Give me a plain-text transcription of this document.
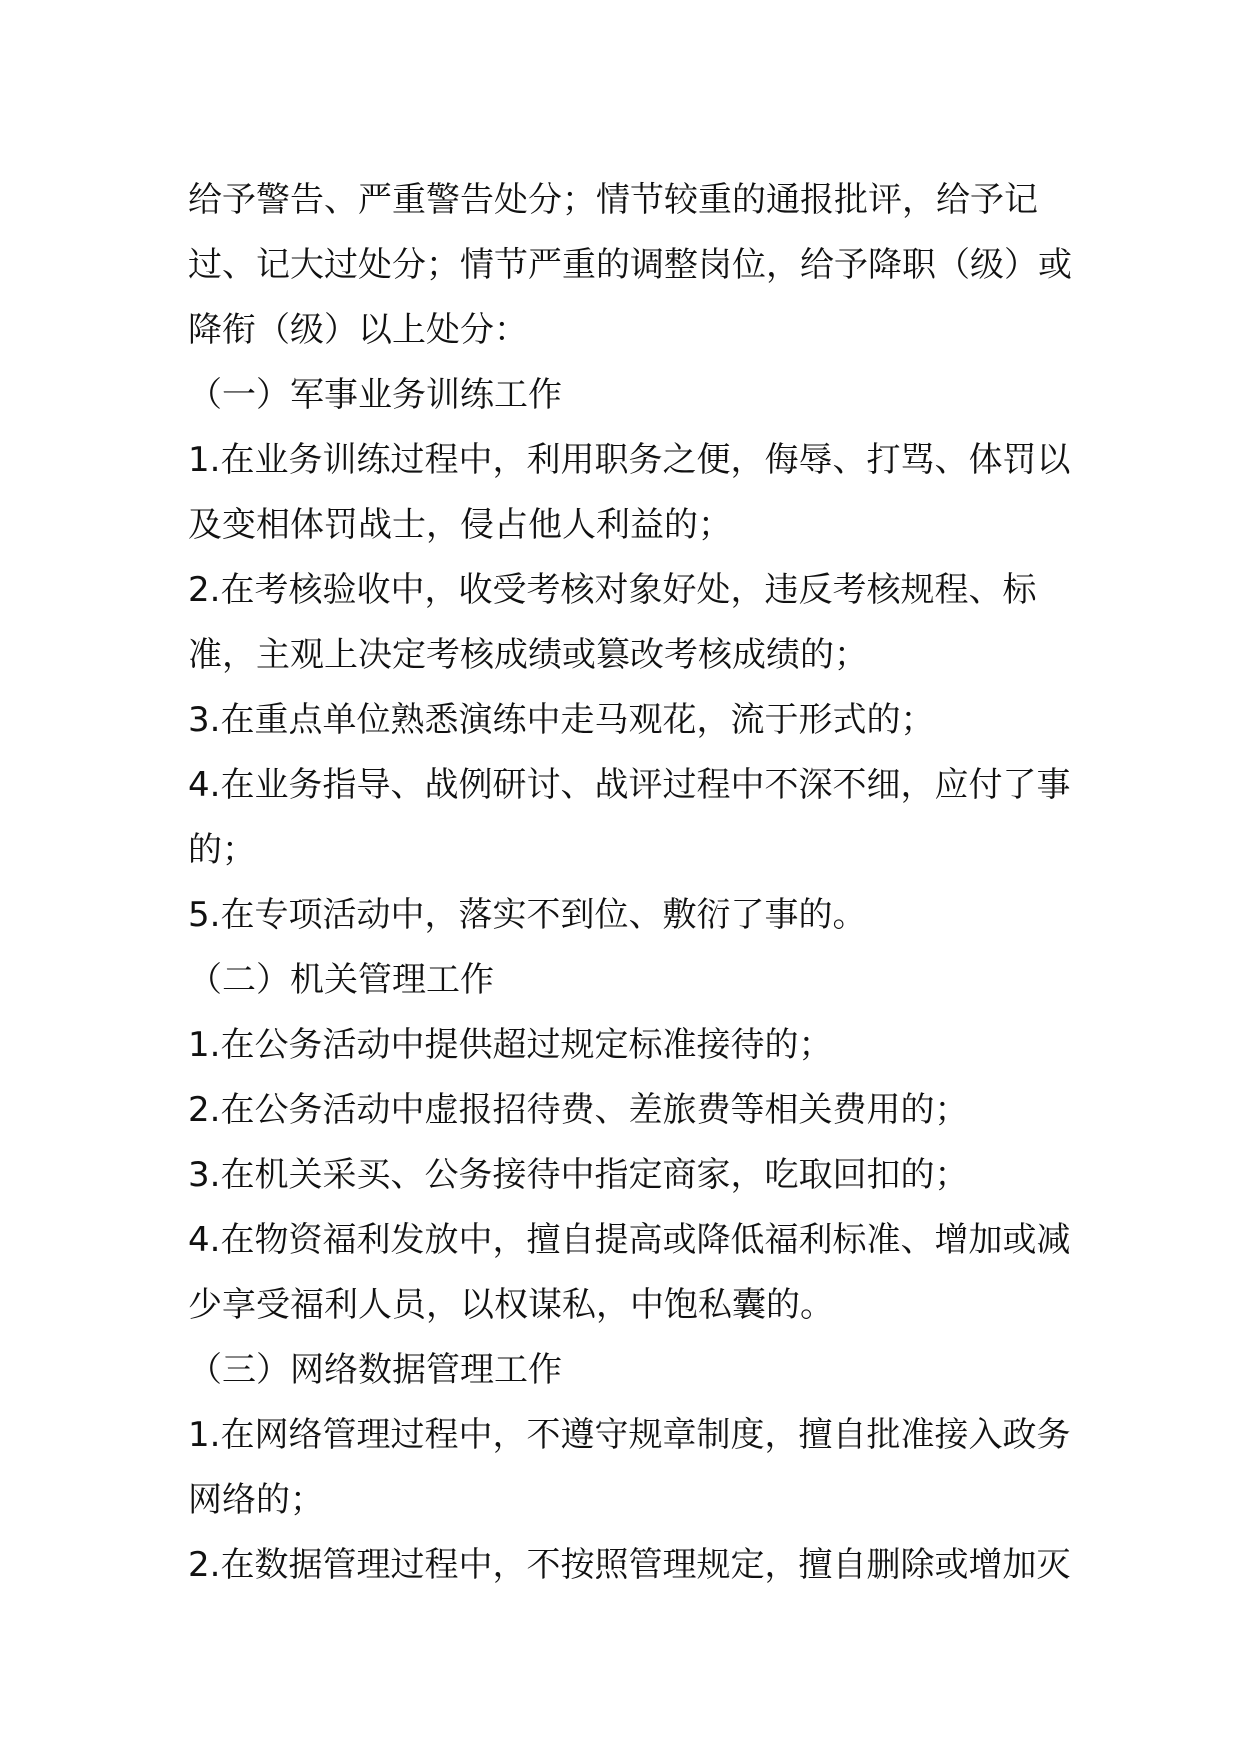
给予警告、严重警告处分；情节较重的通报批评，给予记过、记大过处分；情节严重的调整岗位，给予降职（级）或降衔（级）以上处分：

（一）军事业务训练工作

1.在业务训练过程中，利用职务之便，侮辱、打骂、体罚以及变相体罚战士，侵占他人利益的；

2.在考核验收中，收受考核对象好处，违反考核规程、标准，主观上决定考核成绩或篡改考核成绩的；

3.在重点单位熟悉演练中走马观花，流于形式的；

4.在业务指导、战例研讨、战评过程中不深不细，应付了事的；

5.在专项活动中，落实不到位、敷衍了事的。

（二）机关管理工作

1.在公务活动中提供超过规定标准接待的；

2.在公务活动中虚报招待费、差旅费等相关费用的；

3.在机关采买、公务接待中指定商家，吃取回扣的；

4.在物资福利发放中，擅自提高或降低福利标准、增加或减少享受福利人员，以权谋私，中饱私囊的。

（三）网络数据管理工作

1.在网络管理过程中，不遵守规章制度，擅自批准接入政务网络的；

2.在数据管理过程中，不按照管理规定，擅自删除或增加灭
